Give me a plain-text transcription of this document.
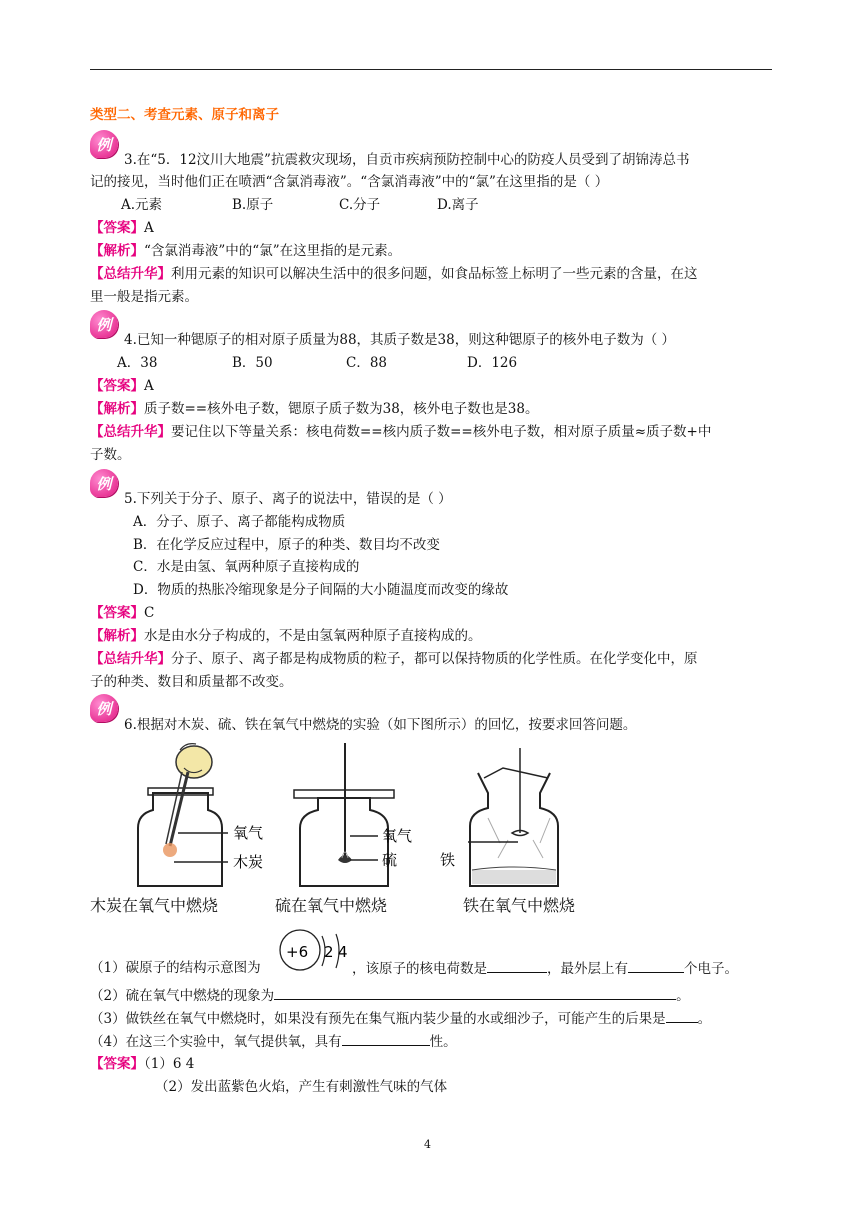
类型二、考查元素、原子和离子
例
3.在“5．12汶川大地震”抗震救灾现场，自贡市疾病预防控制中心的防疫人员受到了胡锦涛总书
记的接见，当时他们正在喷洒“含氯消毒液”。“含氯消毒液”中的“氯”在这里指的是（ ）
A.元素	B.原子	C.分子	D.离子
【答案】A
【解析】“含氯消毒液”中的“氯”在这里指的是元素。
【总结升华】利用元素的知识可以解决生活中的很多问题，如食品标签上标明了一些元素的含量，在这
里一般是指元素。
例
4.已知一种锶原子的相对原子质量为88，其质子数是38，则这种锶原子的核外电子数为（ ）
A．38	B．50	C．88	D．126
【答案】A
【解析】质子数==核外电子数，锶原子质子数为38，核外电子数也是38。
【总结升华】要记住以下等量关系：核电荷数==核内质子数==核外电子数，相对原子质量≈质子数+中
子数。
例
5.下列关于分子、原子、离子的说法中，错误的是（ ）
A．分子、原子、离子都能构成物质
B．在化学反应过程中，原子的种类、数目均不改变
C．水是由氢、氧两种原子直接构成的
D．物质的热胀冷缩现象是分子间隔的大小随温度而改变的缘故
【答案】C
【解析】水是由水分子构成的，不是由氢氧两种原子直接构成的。
【总结升华】分子、原子、离子都是构成物质的粒子，都可以保持物质的化学性质。在化学变化中，原
子的种类、数目和质量都不改变。
例
6.根据对木炭、硫、铁在氧气中燃烧的实验（如下图所示）的回忆，按要求回答问题。
氧气
木炭
氧气
硫	铁
木炭在氧气中燃烧	硫在氧气中燃烧	铁在氧气中燃烧
（1）碳原子的结构示意图为
+6 2 4
，该原子的核电荷数是	，最外层上有	个电子。
（2）硫在氧气中燃烧的现象为	。
（3）做铁丝在氧气中燃烧时，如果没有预先在集气瓶内装少量的水或细沙子，可能产生的后果是 。
（4）在这三个实验中，氧气提供氧，具有	性。
【答案】（1）6 4
（2）发出蓝紫色火焰，产生有刺激性气味的气体
4
